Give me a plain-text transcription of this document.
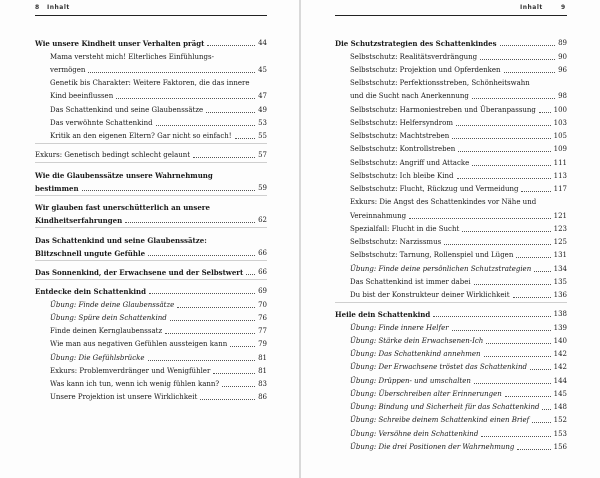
8 Inhalt
Wie unsere Kindheit unser Verhalten prägt	44
Mama versteht mich! Elterliches Einfühlungs-
vermögen	45
Genetik bis Charakter: Weitere Faktoren, die das innere
Kind beeinflussen	47
Das Schattenkind und seine Glaubenssätze	49
Das verwöhnte Schattenkind	53
Kritik an den eigenen Eltern? Gar nicht so einfach!	55
Exkurs: Genetisch bedingt schlecht gelaunt	57
Wie die Glaubenssätze unsere Wahrnehmung
bestimmen	59
Wir glauben fast unerschütterlich an unsere
Kindheitserfahrungen	62
Das Schattenkind und seine Glaubenssätze:
Blitzschnell ungute Gefühle	66
Das Sonnenkind, der Erwachsene und der Selbstwert 66
Entdecke dein Schattenkind	69
Übung: Finde deine Glaubenssätze	70
Übung: Spüre dein Schattenkind	76
Finde deinen Kernglaubenssatz	77
Wie man aus negativen Gefühlen aussteigen kann	79
Übung: Die Gefühlsbrücke	81
Exkurs: Problemverdränger und Wenigfühler	81
Was kann ich tun, wenn ich wenig fühlen kann?	83
Unsere Projektion ist unsere Wirklichkeit	86
Inhalt	9
Die Schutzstrategien des Schattenkindes	89
Selbstschutz: Realitätsverdrängung	90
Selbstschutz: Projektion und Opferdenken	96
Selbstschutz: Perfektionsstreben, Schönheitswahn
und die Sucht nach Anerkennung	98
Selbstschutz: Harmoniestreben und Überanpassung	100
Selbstschutz: Helfersyndrom	103
Selbstschutz: Machtstreben	105
Selbstschutz: Kontrollstreben	109
Selbstschutz: Angriff und Attacke	111
Selbstschutz: Ich bleibe Kind	113
Selbstschutz: Flucht, Rückzug und Vermeidung	117
Exkurs: Die Angst des Schattenkindes vor Nähe und
Vereinnahmung	121
Spezialfall: Flucht in die Sucht	123
Selbstschutz: Narzissmus	125
Selbstschutz: Tarnung, Rollenspiel und Lügen	131
Übung: Finde deine persönlichen Schutzstrategien	134
Das Schattenkind ist immer dabei	135
Du bist der Konstrukteur deiner Wirklichkeit	136
Heile dein Schattenkind	138
Übung: Finde innere Helfer	139
Übung: Stärke dein Erwachsenen-Ich	140
Übung: Das Schattenkind annehmen	142
Übung: Der Erwachsene tröstet das Schattenkind	142
Übung: Drüppen- und umschalten	144
Übung: Überschreiben alter Erinnerungen	145
Übung: Bindung und Sicherheit für das Schattenkind 148
Übung: Schreibe deinem Schattenkind einen Brief	152
Übung: Versöhne dein Schattenkind	153
Übung: Die drei Positionen der Wahrnehmung	156
